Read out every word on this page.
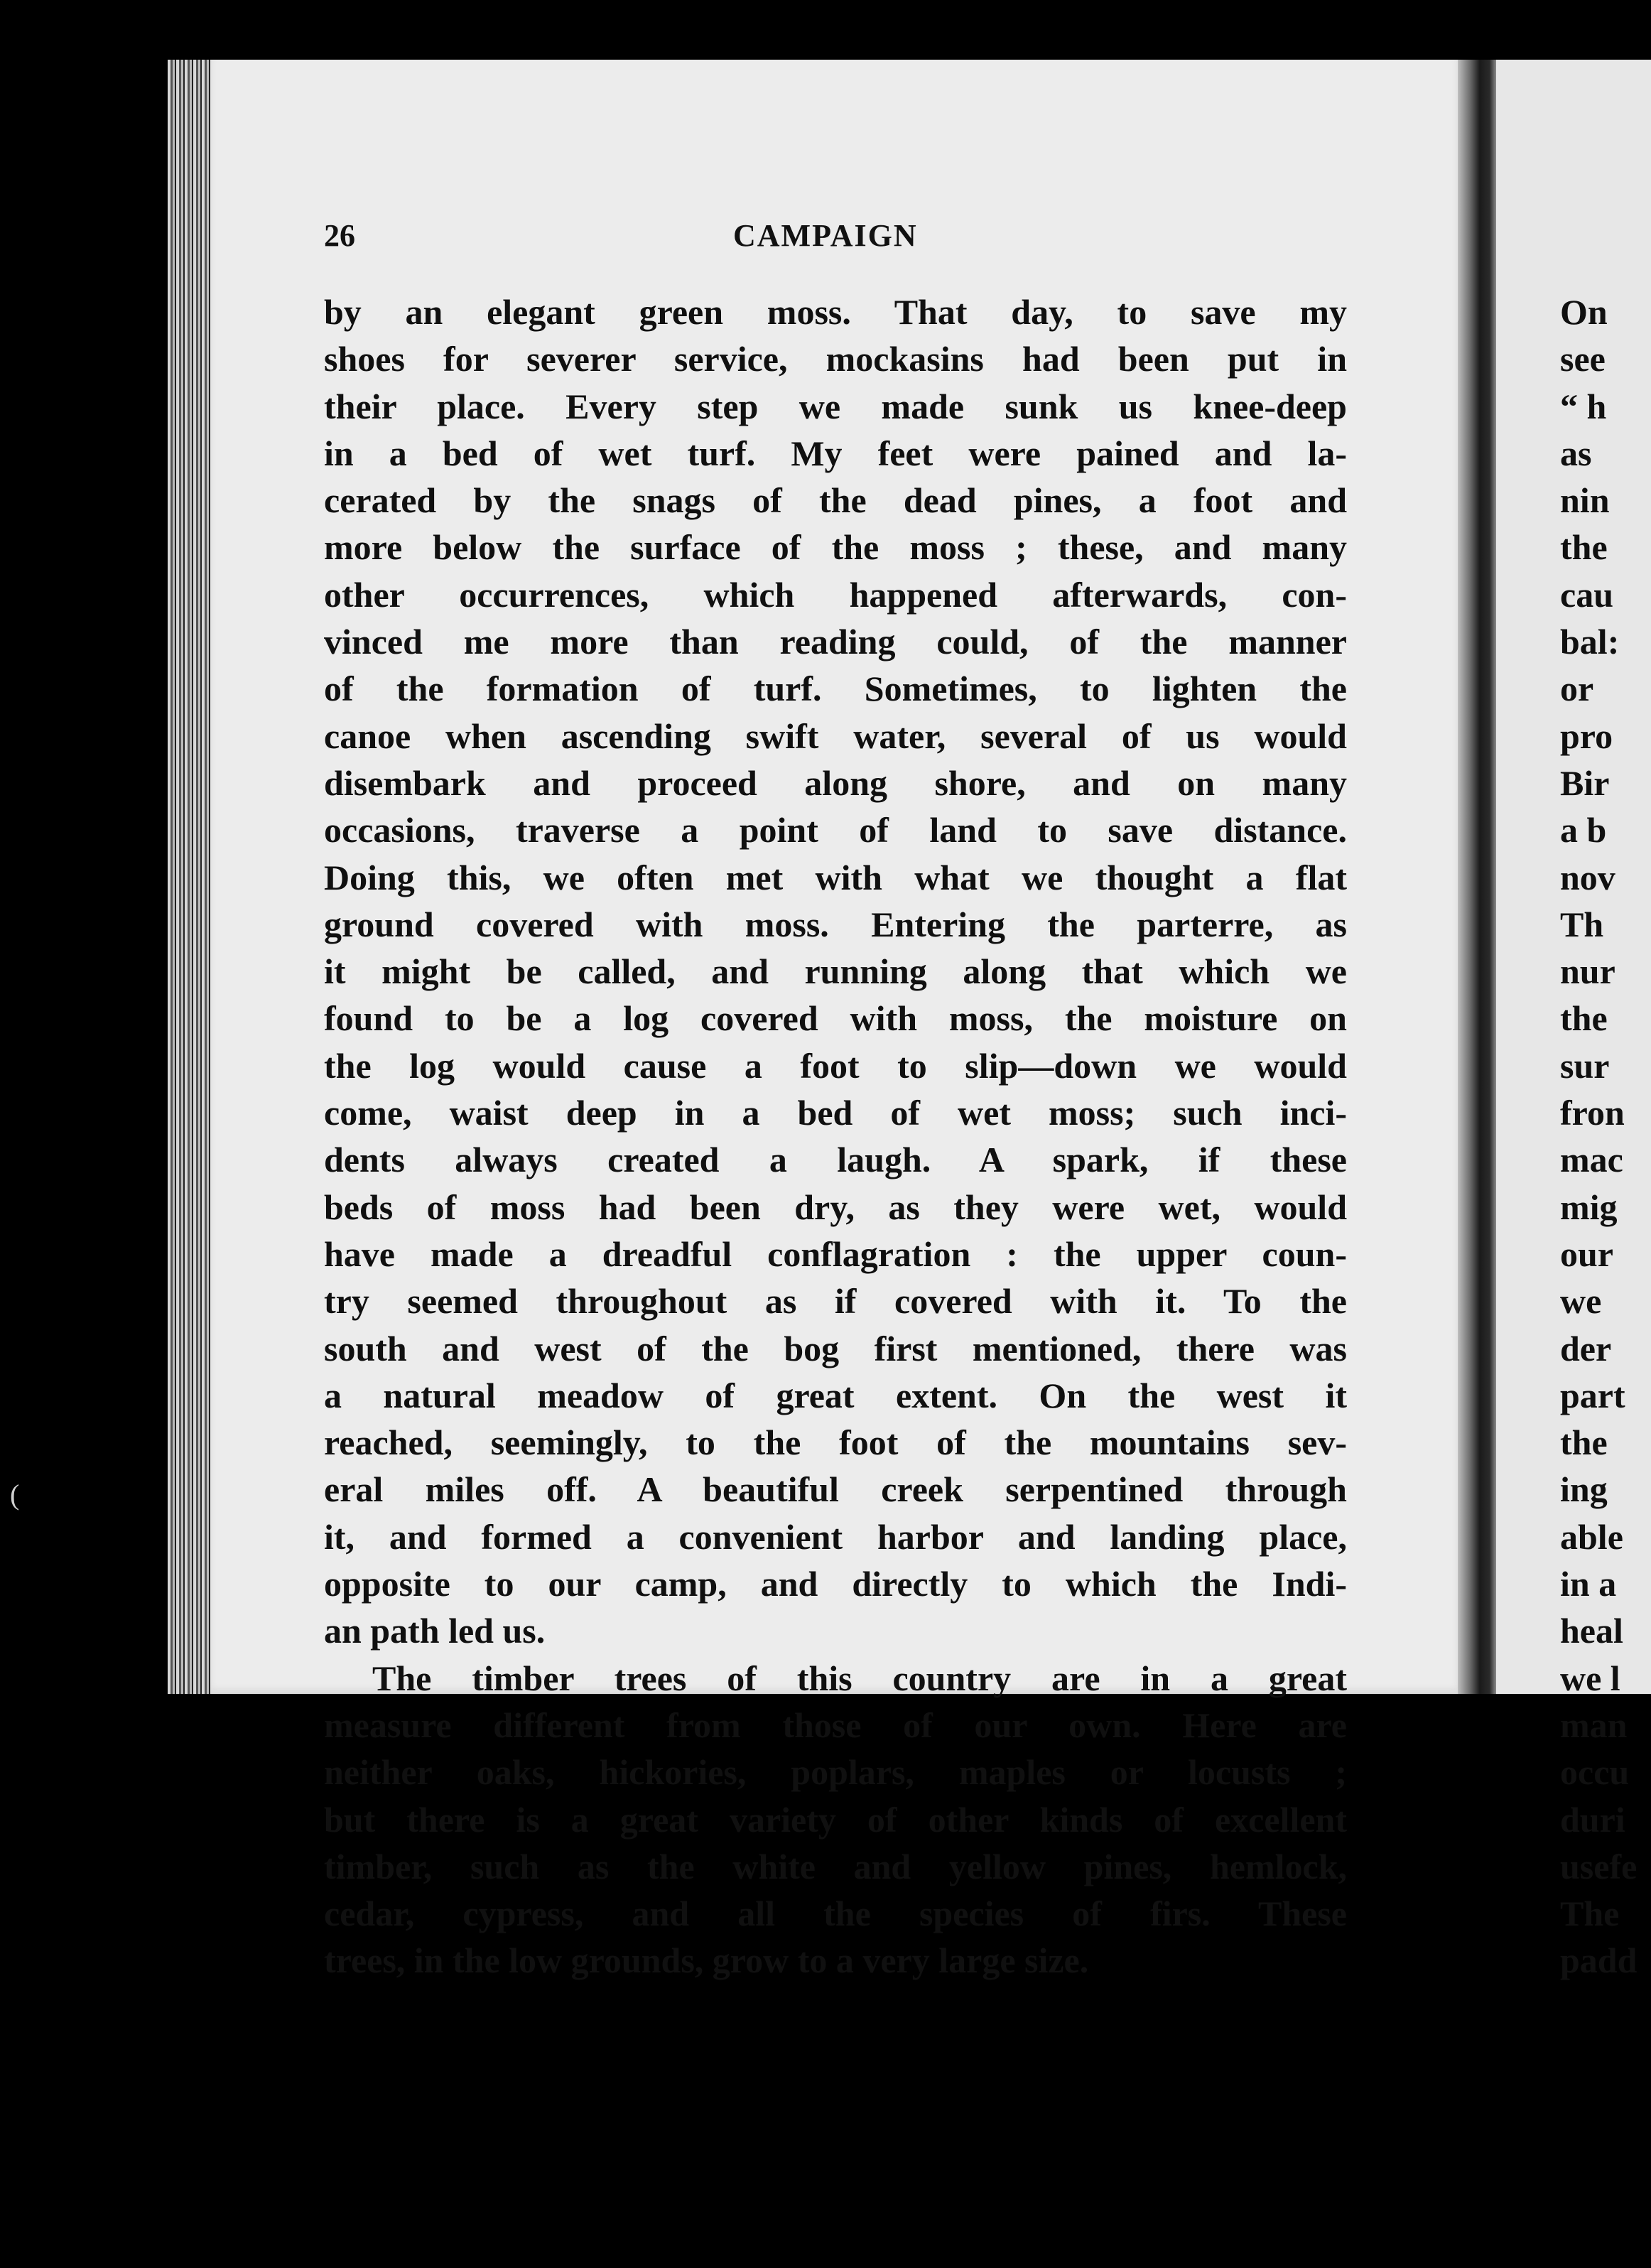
26	CAMPAIGN
by an elegant green moss. That day, to save my
shoes for severer service, mockasins had been put in
their place. Every step we made sunk us knee-deep
in a bed of wet turf. My feet were pained and la-
cerated by the snags of the dead pines, a foot and
more below the surface of the moss ; these, and many
other occurrences, which happened afterwards, con-
vinced me more than reading could, of the manner
of the formation of turf. Sometimes, to lighten the
canoe when ascending swift water, several of us would
disembark and proceed along shore, and on many
occasions, traverse a point of land to save distance.
Doing this, we often met with what we thought a flat
ground covered with moss. Entering the parterre, as
it might be called, and running along that which we
found to be a log covered with moss, the moisture on
the log would cause a foot to slip—down we would
come, waist deep in a bed of wet moss; such inci-
dents always created a laugh. A spark, if these
beds of moss had been dry, as they were wet, would
have made a dreadful conflagration : the upper coun-
try seemed throughout as if covered with it. To the
south and west of the bog first mentioned, there was
a natural meadow of great extent. On the west it
reached, seemingly, to the foot of the mountains sev-
eral miles off. A beautiful creek serpentined through
it, and formed a convenient harbor and landing place,
opposite to our camp, and directly to which the Indi-
an path led us.
The timber trees of this country are in a great
measure different from those of our own. Here are
neither oaks, hickories, poplars, maples or locusts ;
but there is a great variety of other kinds of excellent
timber, such as the white and yellow pines, hemlock,
cedar, cypress, and all the species of firs. These
trees, in the low grounds, grow to a very large size.
On
see
“ h
as
nin
the
cau
bal:
or
pro
Bir
a b
nov
Th
nur
the
sur
fron
mac
mig
our
we
der
part
the
ing
able
in a
heal
we l
man
occu
duri
usefe
The
padd
(
